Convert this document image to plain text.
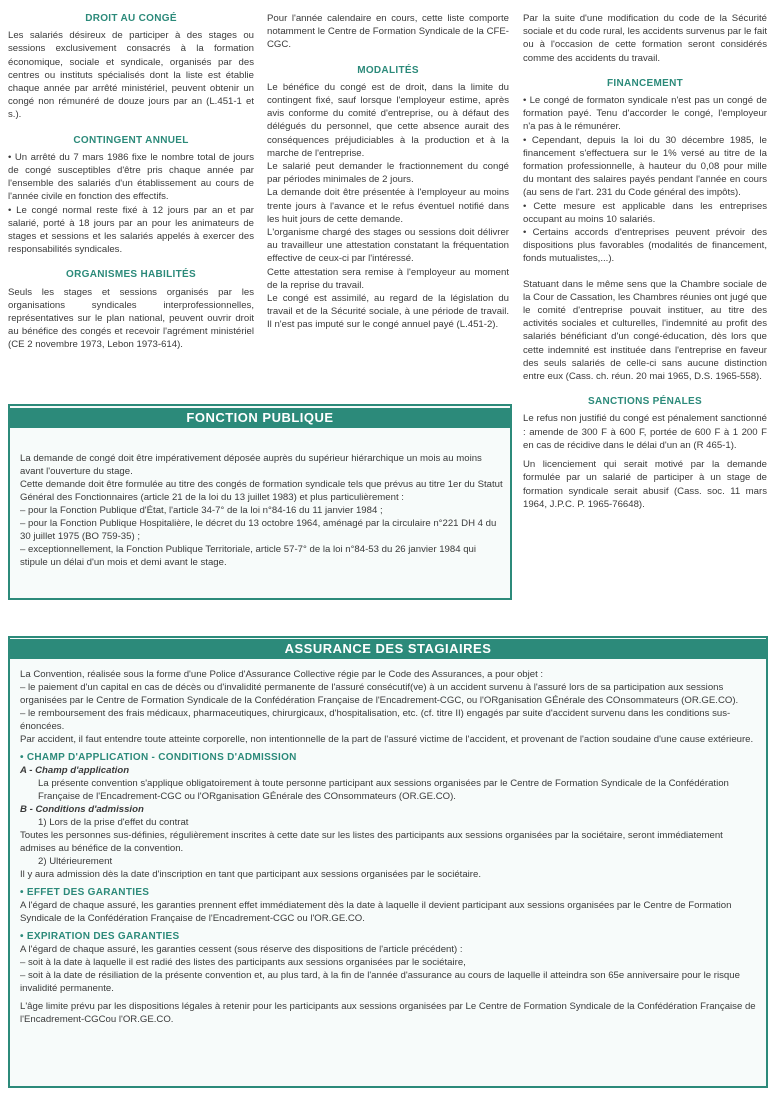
DROIT AU CONGÉ
Les salariés désireux de participer à des stages ou sessions exclusivement consacrés à la formation économique, sociale et syndicale, organisés par des centres ou instituts spécialisés dont la liste est établie chaque année par arrêté ministériel, peuvent obtenir un congé non rémunéré de douze jours par an (L.451-1 et s.).
CONTINGENT ANNUEL
• Un arrêté du 7 mars 1986 fixe le nombre total de jours de congé susceptibles d'être pris chaque année par l'ensemble des salariés d'un établissement au cours de l'année civile en fonction des effectifs.
• Le congé normal reste fixé à 12 jours par an et par salarié, porté à 18 jours par an pour les animateurs de stages et sessions et les salariés appelés à exercer des responsabilités syndicales.
ORGANISMES HABILITÉS
Seuls les stages et sessions organisés par les organisations syndicales interprofessionnelles, représentatives sur le plan national, peuvent ouvrir droit au bénéfice des congés et recevoir l'agrément ministériel (CE 2 novembre 1973, Lebon 1973-614).
Pour l'année calendaire en cours, cette liste comporte notamment le Centre de Formation Syndicale de la CFE-CGC.
MODALITÉS
Le bénéfice du congé est de droit, dans la limite du contingent fixé, sauf lorsque l'employeur estime, après avis conforme du comité d'entreprise, ou à défaut des délégués du personnel, que cette absence aurait des conséquences préjudiciables à la production et à la marche de l'entreprise.
Le salarié peut demander le fractionnement du congé par périodes minimales de 2 jours.
La demande doit être présentée à l'employeur au moins trente jours à l'avance et le refus éventuel notifié dans les huit jours de cette demande.
L'organisme chargé des stages ou sessions doit délivrer au travailleur une attestation constatant la fréquentation effective de ceux-ci par l'intéressé.
Cette attestation sera remise à l'employeur au moment de la reprise du travail.
Le congé est assimilé, au regard de la législation du travail et de la Sécurité sociale, à une période de travail. Il n'est pas imputé sur le congé annuel payé (L.451-2).
Par la suite d'une modification du code de la Sécurité sociale et du code rural, les accidents survenus par le fait ou à l'occasion de cette formation seront considérés comme des accidents du travail.
FINANCEMENT
• Le congé de formaton syndicale n'est pas un congé de formation payé. Tenu d'accorder le congé, l'employeur n'a pas à le rémunérer.
• Cependant, depuis la loi du 30 décembre 1985, le financement s'effectuera sur le 1% versé au titre de la formation professionnelle, à hauteur du 0,08 pour mille du montant des salaires payés pendant l'année en cours (au sens de l'art. 231 du Code général des impôts).
• Cette mesure est applicable dans les entreprises occupant au moins 10 salariés.
• Certains accords d'entreprises peuvent prévoir des dispositions plus favorables (modalités de financement, fonds mutualistes,...).
Statuant dans le même sens que la Chambre sociale de la Cour de Cassation, les Chambres réunies ont jugé que le comité d'entreprise pouvait instituer, au titre des activités sociales et culturelles, l'indemnité au profit des salariés bénéficiant d'un congé-éducation, dès lors que cette indemnité est instituée dans l'entreprise en faveur des seuls salariés de celle-ci sans aucune distinction entre eux (Cass. ch. réun. 20 mai 1965, D.S. 1965-558).
SANCTIONS PÉNALES
Le refus non justifié du congé est pénalement sanctionné : amende de 300 F à 600 F, portée de 600 F à 1 200 F en cas de récidive dans le délai d'un an (R 465-1).
Un licenciement qui serait motivé par la demande formulée par un salarié de participer à un stage de formation syndicale serait abusif (Cass. soc. 11 mars 1964, J.P.C. P. 1965-76648).
FONCTION PUBLIQUE
La demande de congé doit être impérativement déposée auprès du supérieur hiérarchique un mois au moins avant l'ouverture du stage.
Cette demande doit être formulée au titre des congés de formation syndicale tels que prévus au titre 1er du Statut Général des Fonctionnaires (article 21 de la loi du 13 juillet 1983) et plus particulièrement :
– pour la Fonction Publique d'État, l'article 34-7° de la loi n°84-16 du 11 janvier 1984 ;
– pour la Fonction Publique Hospitalière, le décret du 13 octobre 1964, aménagé par la circulaire n°221 DH 4 du 30 juillet 1975 (BO 759-35) ;
– exceptionnellement, la Fonction Publique Territoriale, article 57-7° de la loi n°84-53 du 26 janvier 1984 qui stipule un délai d'un mois et demi avant le stage.
ASSURANCE DES STAGIAIRES
La Convention, réalisée sous la forme d'une Police d'Assurance Collective régie par le Code des Assurances, a pour objet :
– le paiement d'un capital en cas de décès ou d'invalidité permanente de l'assuré consécutif(ve) à un accident survenu à l'assuré lors de sa participation aux sessions organisées par le Centre de Formation Syndicale de la Confédération Française de l'Encadrement-CGC, ou l'ORganisation GÉnérale des COnsommateurs (OR.GE.CO).
– le remboursement des frais médicaux, pharmaceutiques, chirurgicaux, d'hospitalisation, etc. (cf. titre II) engagés par suite d'accident survenu dans les conditions sus-énoncées.
Par accident, il faut entendre toute atteinte corporelle, non intentionnelle de la part de l'assuré victime de l'accident, et provenant de l'action soudaine d'une cause extérieure.
• CHAMP D'APPLICATION - CONDITIONS D'ADMISSION
A - Champ d'application
La présente convention s'applique obligatoirement à toute personne participant aux sessions organisées par le Centre de Formation Syndicale de la Confédération Française de l'Encadrement-CGC ou l'ORganisation GÉnérale des COnsommateurs (OR.GE.CO).
B - Conditions d'admission
1) Lors de la prise d'effet du contrat
Toutes les personnes sus-définies, régulièrement inscrites à cette date sur les listes des participants aux sessions organisées par la sociétaire, seront immédiatement admises au bénéfice de la convention.
2) Ultérieurement
Il y aura admission dès la date d'inscription en tant que participant aux sessions organisées par le sociétaire.
• EFFET DES GARANTIES
A l'égard de chaque assuré, les garanties prennent effet immédiatement dès la date à laquelle il devient participant aux sessions organisées par le Centre de Formation Syndicale de la Confédération Française de l'Encadrement-CGC ou l'OR.GE.CO.
• EXPIRATION DES GARANTIES
A l'égard de chaque assuré, les garanties cessent (sous réserve des dispositions de l'article précédent) :
– soit à la date à laquelle il est radié des listes des participants aux sessions organisées par le sociétaire,
– soit à la date de résiliation de la présente convention et, au plus tard, à la fin de l'année d'assurance au cours de laquelle il atteindra son 65e anniversaire pour le risque invalidité permanente.
L'âge limite prévu par les dispositions légales à retenir pour les participants aux sessions organisées par Le Centre de Formation Syndicale de la Confédération Française de l'Encadrement-CGCou l'OR.GE.CO.
